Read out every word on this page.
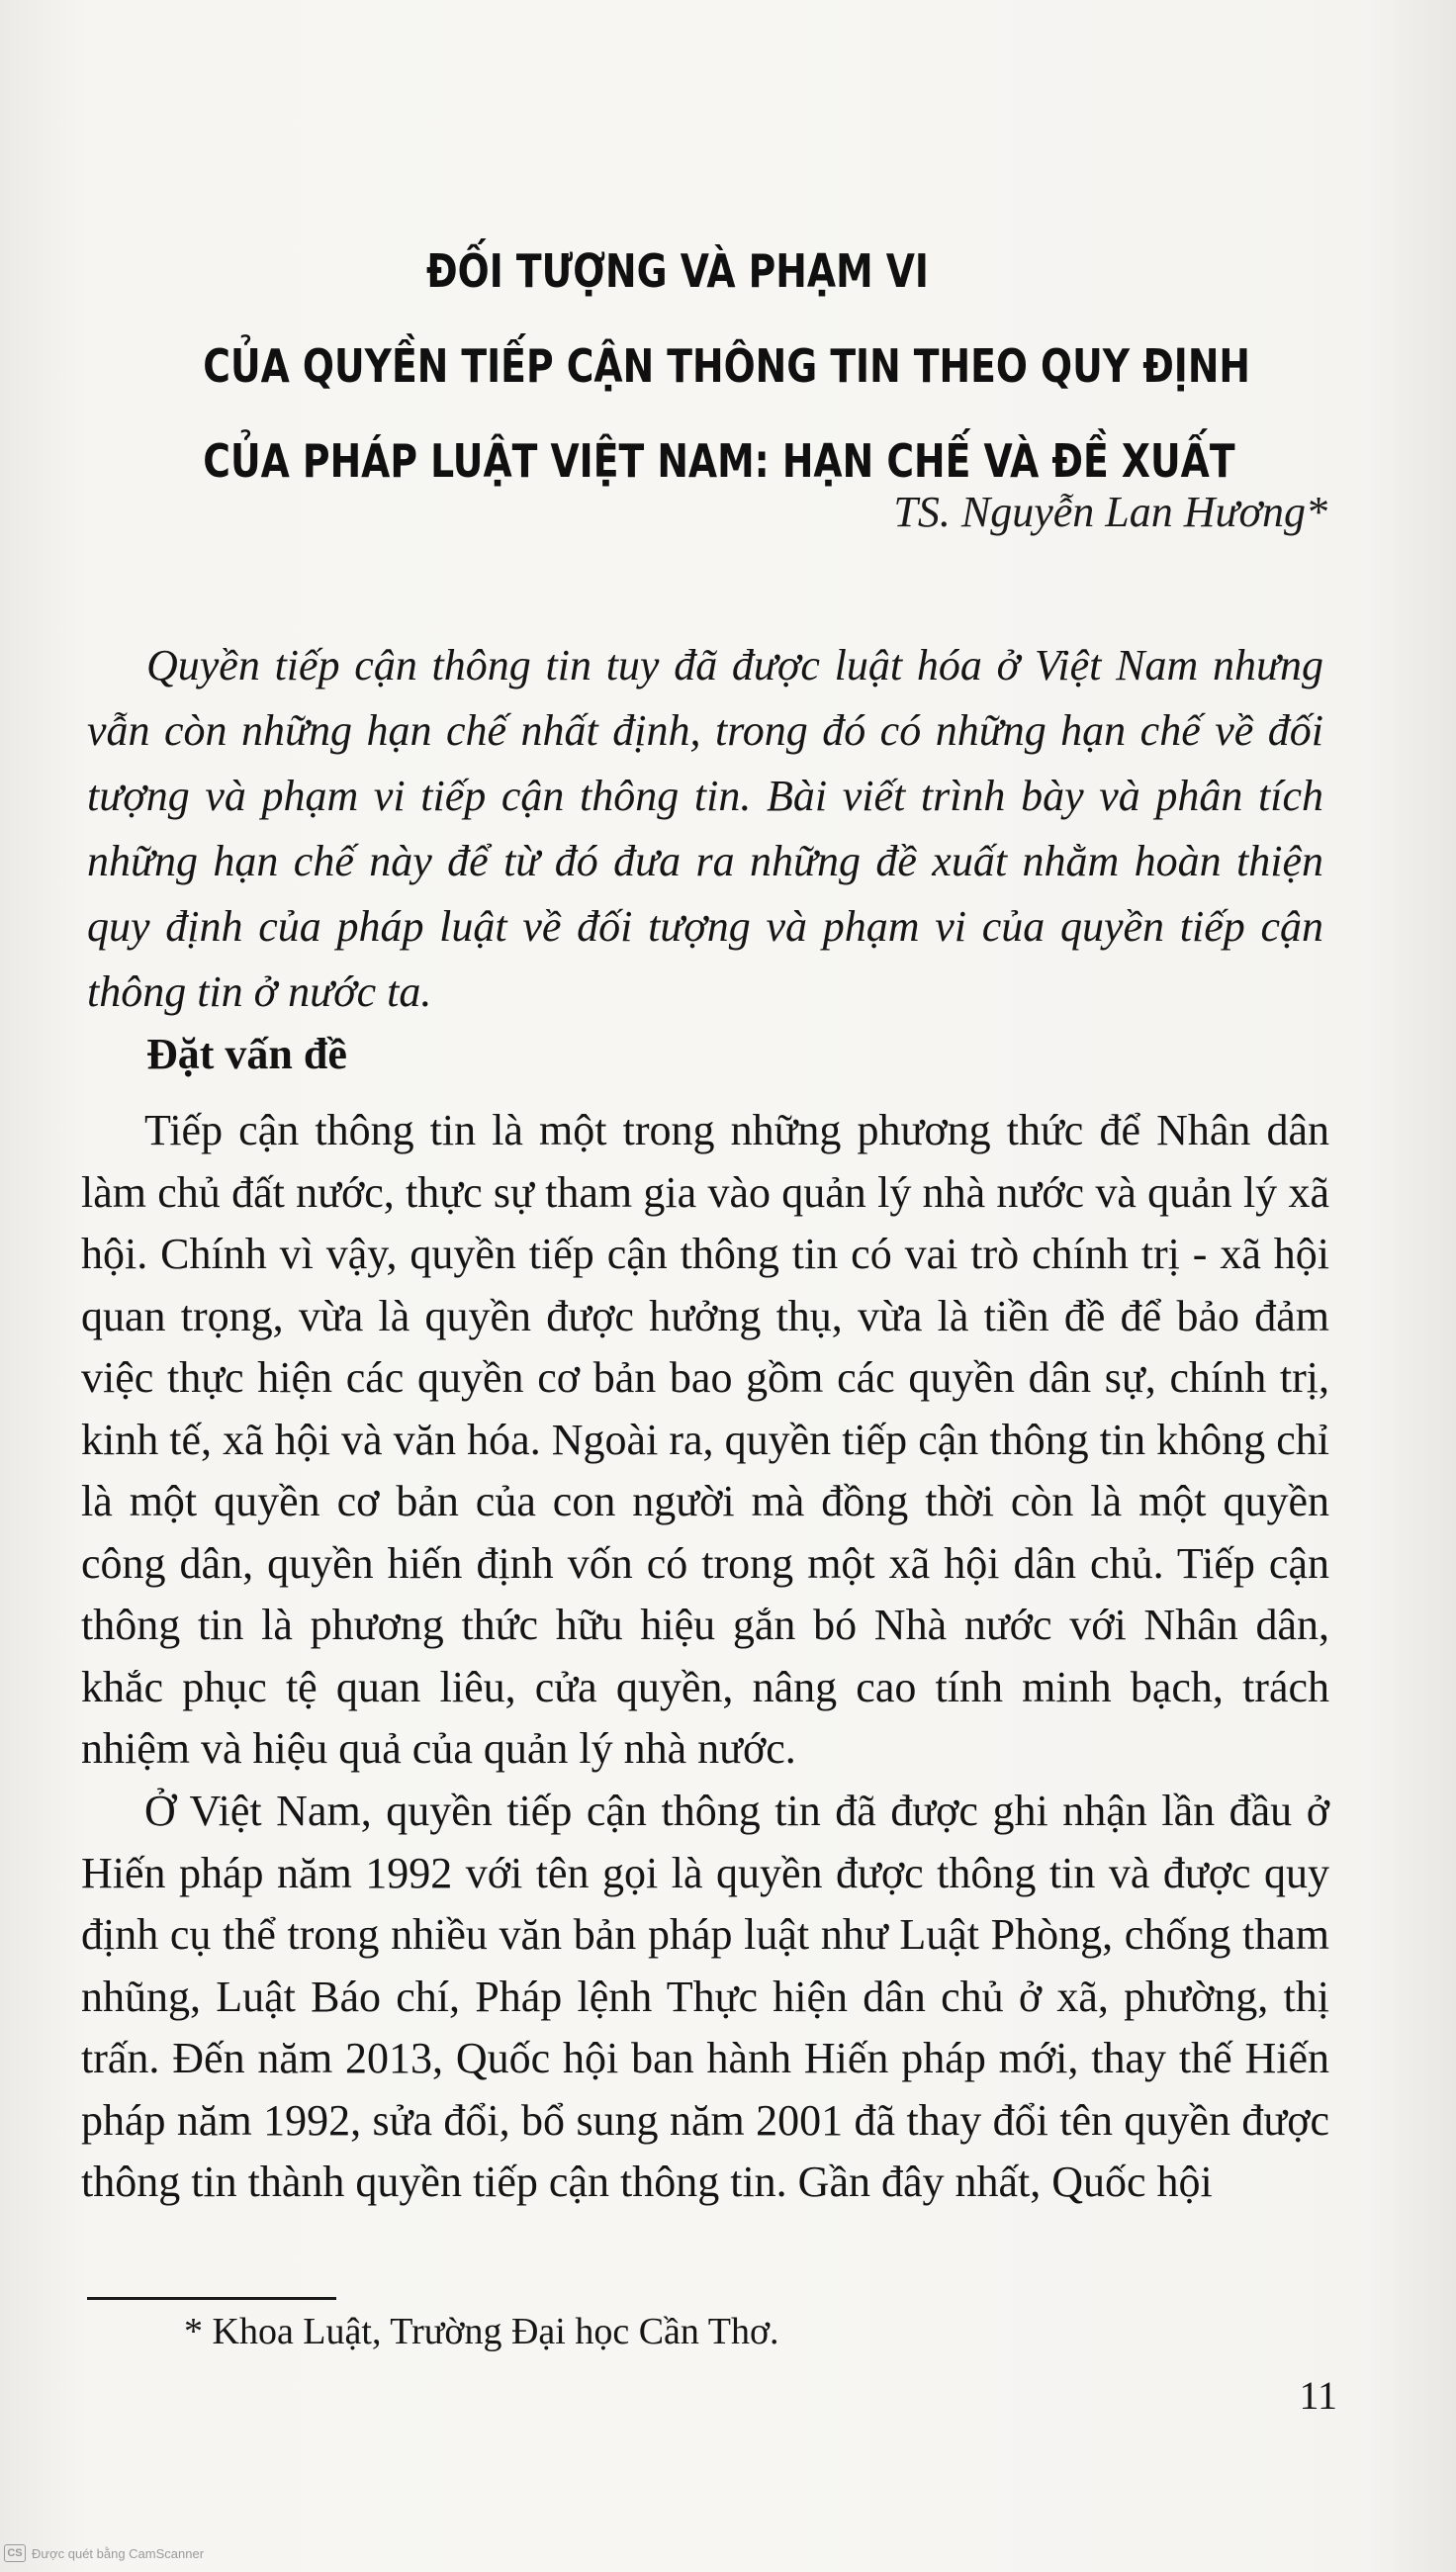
ĐỐI TƯỢNG VÀ PHẠM VI
CỦA QUYỀN TIẾP CẬN THÔNG TIN THEO QUY ĐỊNH
CỦA PHÁP LUẬT VIỆT NAM: HẠN CHẾ VÀ ĐỀ XUẤT
TS. Nguyễn Lan Hương*

Quyền tiếp cận thông tin tuy đã được luật hóa ở Việt Nam nhưng vẫn còn những hạn chế nhất định, trong đó có những hạn chế về đối tượng và phạm vi tiếp cận thông tin. Bài viết trình bày và phân tích những hạn chế này để từ đó đưa ra những đề xuất nhằm hoàn thiện quy định của pháp luật về đối tượng và phạm vi của quyền tiếp cận thông tin ở nước ta.

Đặt vấn đề

Tiếp cận thông tin là một trong những phương thức để Nhân dân làm chủ đất nước, thực sự tham gia vào quản lý nhà nước và quản lý xã hội. Chính vì vậy, quyền tiếp cận thông tin có vai trò chính trị - xã hội quan trọng, vừa là quyền được hưởng thụ, vừa là tiền đề để bảo đảm việc thực hiện các quyền cơ bản bao gồm các quyền dân sự, chính trị, kinh tế, xã hội và văn hóa. Ngoài ra, quyền tiếp cận thông tin không chỉ là một quyền cơ bản của con người mà đồng thời còn là một quyền công dân, quyền hiến định vốn có trong một xã hội dân chủ. Tiếp cận thông tin là phương thức hữu hiệu gắn bó Nhà nước với Nhân dân, khắc phục tệ quan liêu, cửa quyền, nâng cao tính minh bạch, trách nhiệm và hiệu quả của quản lý nhà nước.

Ở Việt Nam, quyền tiếp cận thông tin đã được ghi nhận lần đầu ở Hiến pháp năm 1992 với tên gọi là quyền được thông tin và được quy định cụ thể trong nhiều văn bản pháp luật như Luật Phòng, chống tham nhũng, Luật Báo chí, Pháp lệnh Thực hiện dân chủ ở xã, phường, thị trấn. Đến năm 2013, Quốc hội ban hành Hiến pháp mới, thay thế Hiến pháp năm 1992, sửa đổi, bổ sung năm 2001 đã thay đổi tên quyền được thông tin thành quyền tiếp cận thông tin. Gần đây nhất, Quốc hội

* Khoa Luật, Trường Đại học Cần Thơ.
11
CS Được quét bằng CamScanner
